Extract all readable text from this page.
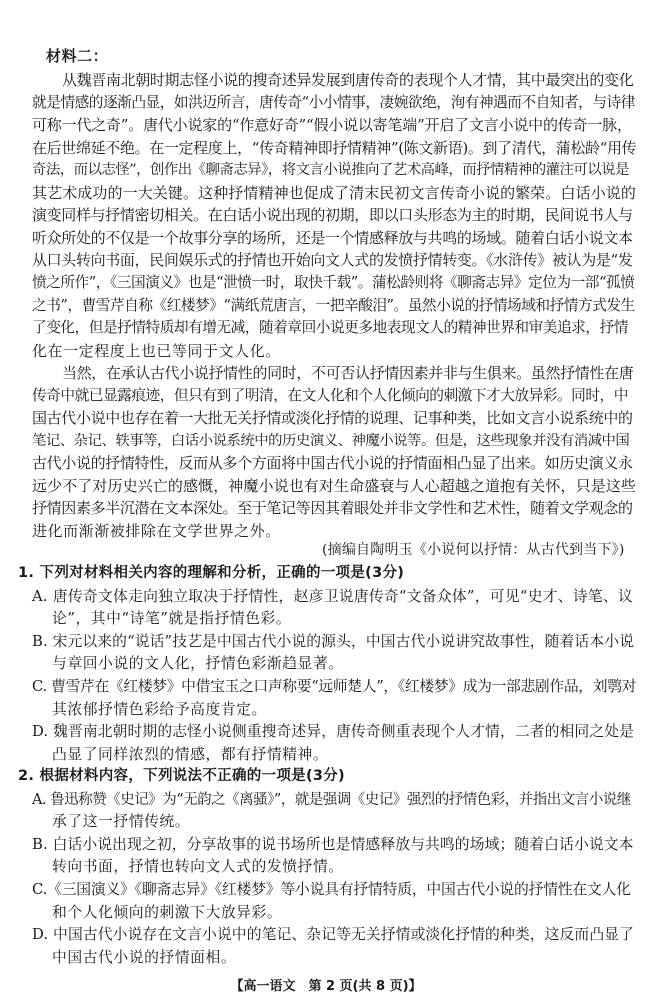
材料二：
从魏晋南北朝时期志怪小说的搜奇述异发展到唐传奇的表现个人才情，其中最突出的变化
就是情感的逐渐凸显，如洪迈所言，唐传奇“小小情事，凄婉欲绝，洵有神遇而不自知者，与诗律
可称一代之奇”。唐代小说家的“作意好奇”“假小说以寄笔端”开启了文言小说中的传奇一脉，
在后世绵延不绝。在一定程度上，“传奇精神即抒情精神”(陈文新语)。到了清代，蒲松龄“用传
奇法，而以志怪”，创作出《聊斋志异》，将文言小说推向了艺术高峰，而抒情精神的灌注可以说是
其艺术成功的一大关键。这种抒情精神也促成了清末民初文言传奇小说的繁荣。白话小说的
演变同样与抒情密切相关。在白话小说出现的初期，即以口头形态为主的时期，民间说书人与
听众所处的不仅是一个故事分享的场所，还是一个情感释放与共鸣的场域。随着白话小说文本
从口头转向书面，民间娱乐式的抒情也开始向文人式的发愤抒情转变。《水浒传》被认为是“发
愤之所作”，《三国演义》也是“泄愤一时，取快千载”。蒲松龄则将《聊斋志异》定位为一部“孤愤
之书”，曹雪芹自称《红楼梦》“满纸荒唐言，一把辛酸泪”。虽然小说的抒情场域和抒情方式发生
了变化，但是抒情特质却有增无减，随着章回小说更多地表现文人的精神世界和审美追求，抒情
化在一定程度上也已等同于文人化。
当然，在承认古代小说抒情性的同时，不可否认抒情因素并非与生俱来。虽然抒情性在唐
传奇中就已显露痕迹，但只有到了明清，在文人化和个人化倾向的刺激下才大放异彩。同时，中
国古代小说中也存在着一大批无关抒情或淡化抒情的说理、记事种类，比如文言小说系统中的
笔记、杂记、轶事等，白话小说系统中的历史演义、神魔小说等。但是，这些现象并没有消减中国
古代小说的抒情特性，反而从多个方面将中国古代小说的抒情面相凸显了出来。如历史演义永
远少不了对历史兴亡的感慨，神魔小说也有对生命盛衰与人心超越之道抱有关怀，只是这些
抒情因素多半沉潜在文本深处。至于笔记等因其着眼处并非文学性和艺术性，随着文学观念的
进化而渐渐被排除在文学世界之外。
(摘编自陶明玉《小说何以抒情：从古代到当下》)
1. 下列对材料相关内容的理解和分析，正确的一项是(3分)
A. 唐传奇文体走向独立取决于抒情性，赵彦卫说唐传奇“文备众体”，可见“史才、诗笔、议
论”，其中“诗笔”就是指抒情色彩。
B. 宋元以来的“说话”技艺是中国古代小说的源头，中国古代小说讲究故事性，随着话本小说
与章回小说的文人化，抒情色彩渐趋显著。
C. 曹雪芹在《红楼梦》中借宝玉之口声称要“远师楚人”，《红楼梦》成为一部悲剧作品，刘鹗对
其浓郁抒情色彩给予高度肯定。
D. 魏晋南北朝时期的志怪小说侧重搜奇述异，唐传奇侧重表现个人才情，二者的相同之处是
凸显了同样浓烈的情感，都有抒情精神。
2. 根据材料内容，下列说法不正确的一项是(3分)
A. 鲁迅称赞《史记》为“无韵之《离骚》”，就是强调《史记》强烈的抒情色彩，并指出文言小说继
承了这一抒情传统。
B. 白话小说出现之初，分享故事的说书场所也是情感释放与共鸣的场域；随着白话小说文本
转向书面，抒情也转向文人式的发愤抒情。
C.《三国演义》《聊斋志异》《红楼梦》等小说具有抒情特质，中国古代小说的抒情性在文人化
和个人化倾向的刺激下大放异彩。
D. 中国古代小说存在文言小说中的笔记、杂记等无关抒情或淡化抒情的种类，这反而凸显了
中国古代小说的抒情面相。
【高一语文　第 2 页(共 8 页)】
